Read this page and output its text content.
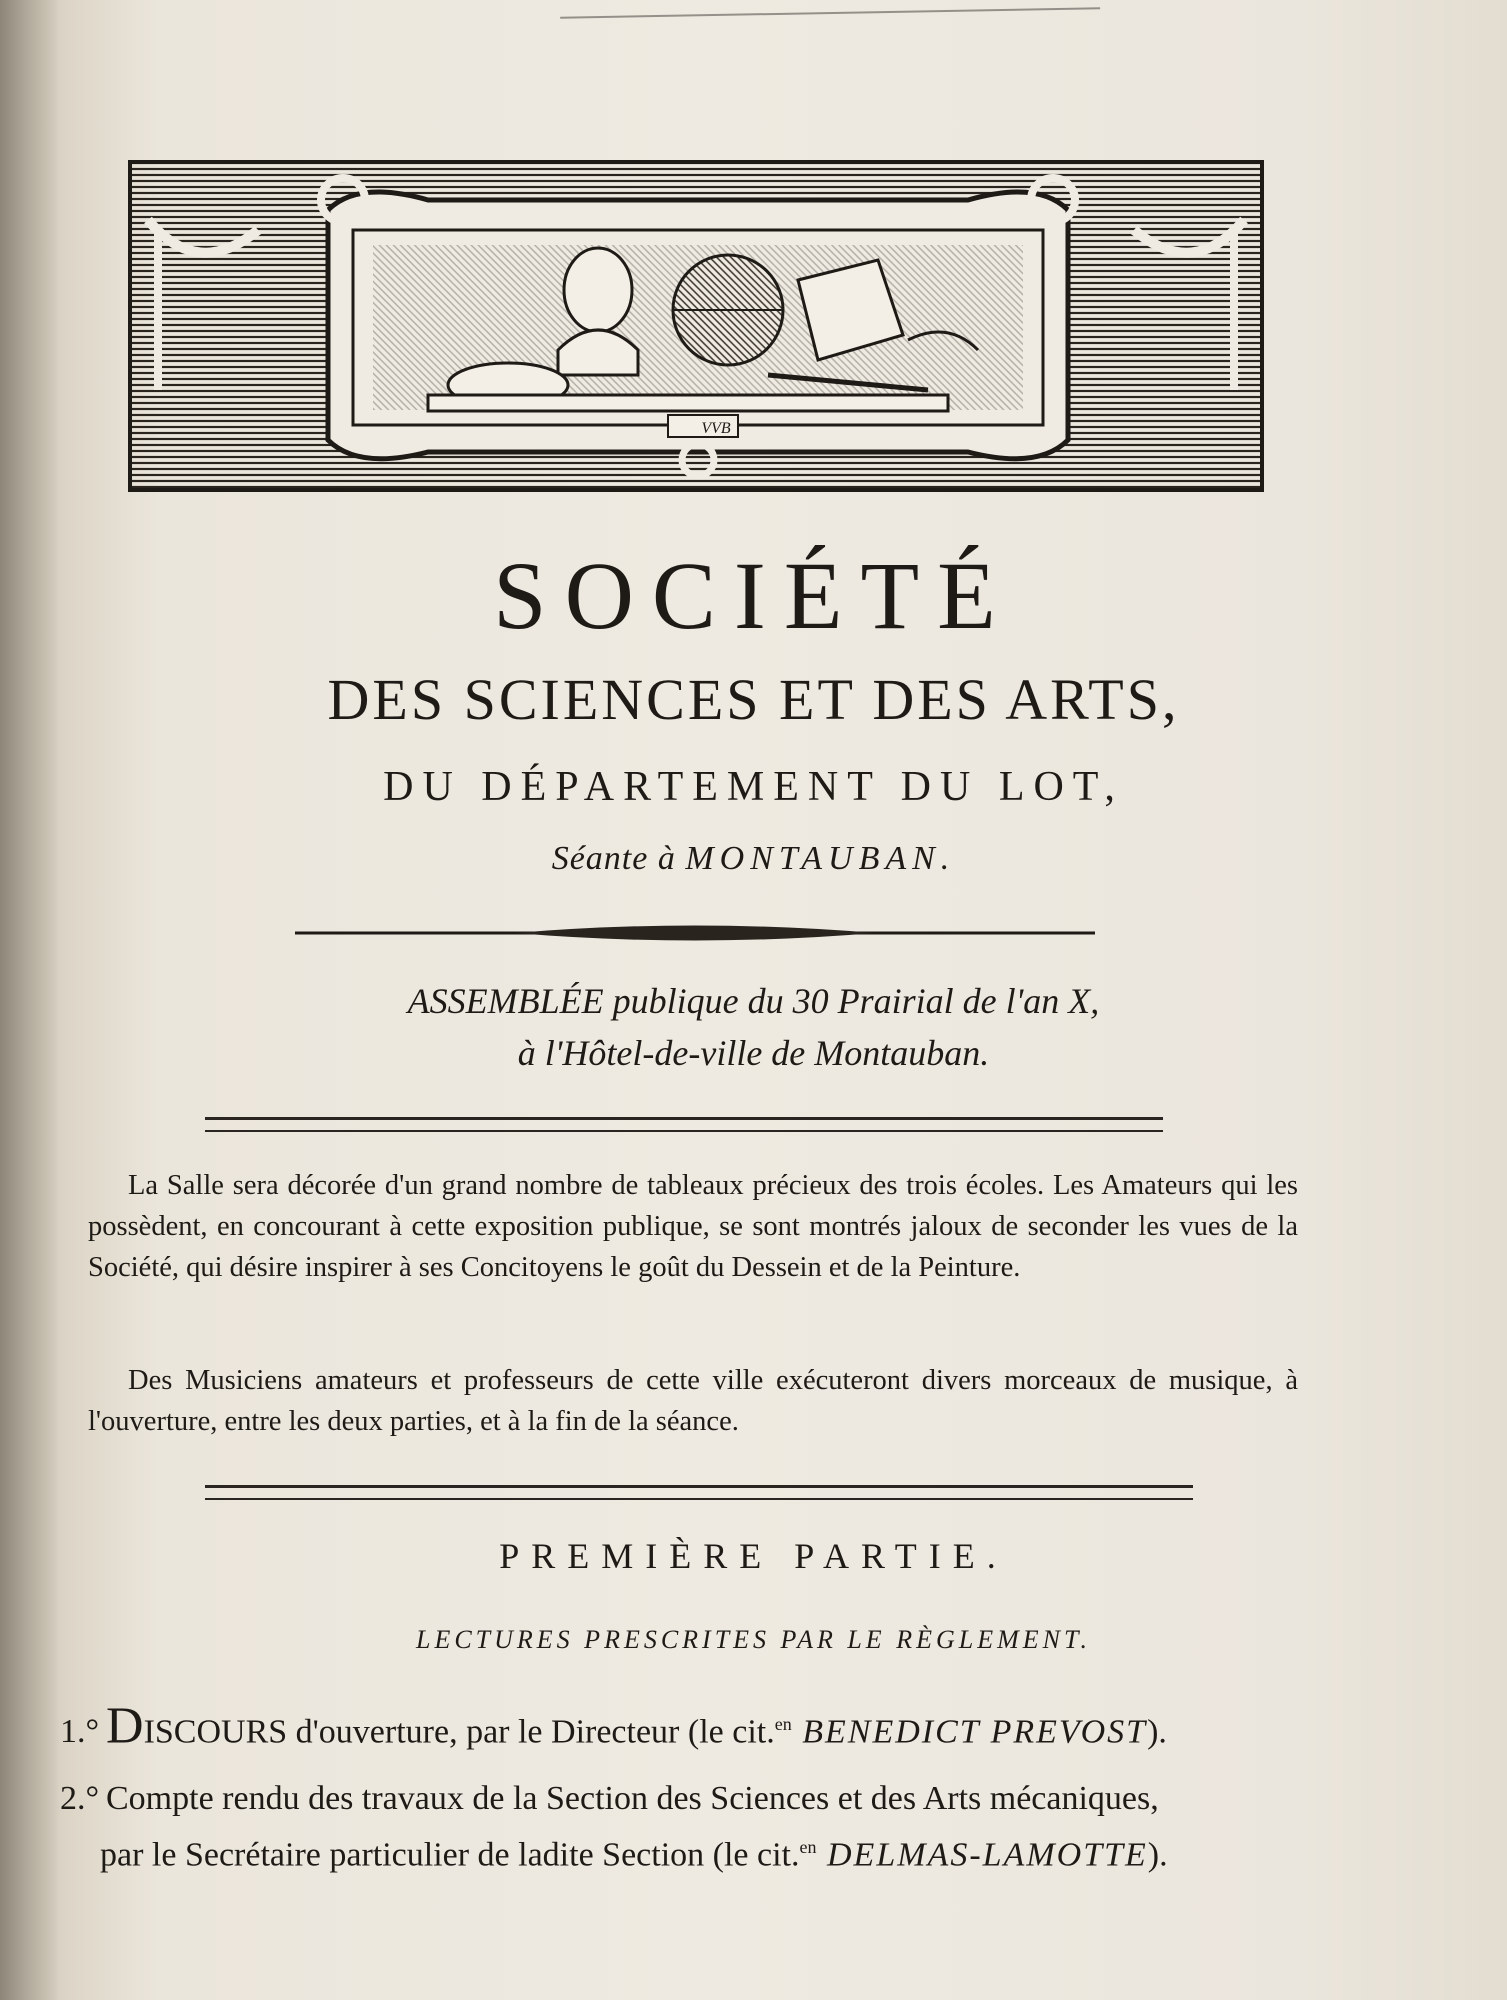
SOCIÉTÉ
DES SCIENCES ET DES ARTS,
DU DÉPARTEMENT DU LOT,
Séante à MONTAUBAN.
ASSEMBLÉE publique du 30 Prairial de l'an X,
à l'Hôtel-de-ville de Montauban.
La Salle sera décorée d'un grand nombre de tableaux précieux des trois écoles. Les Amateurs qui les possèdent, en concourant à cette exposition publique, se sont montrés jaloux de seconder les vues de la Société, qui désire inspirer à ses Concitoyens le goût du Dessein et de la Peinture.
Des Musiciens amateurs et professeurs de cette ville exécuteront divers morceaux de musique, à l'ouverture, entre les deux parties, et à la fin de la séance.
PREMIÈRE PARTIE.
LECTURES PRESCRITES PAR LE RÈGLEMENT.
1.° DISCOURS d'ouverture, par le Directeur (le cit.$^{en}$ BENEDICT PREVOST).
2.° Compte rendu des travaux de la Section des Sciences et des Arts mécaniques,
par le Secrétaire particulier de ladite Section (le cit.$^{en}$ DELMAS-LAMOTTE).
VVB
